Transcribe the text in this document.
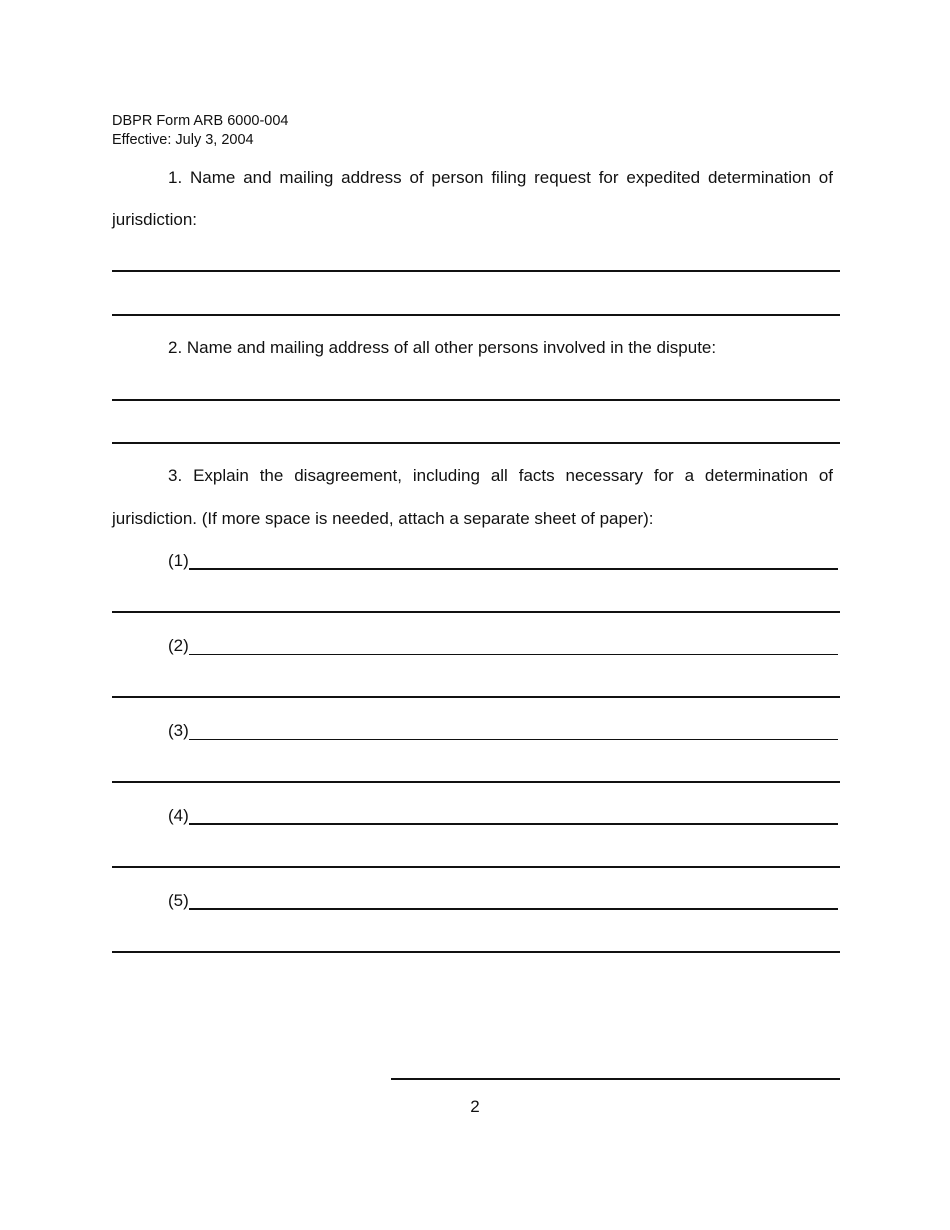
DBPR Form ARB 6000-004
Effective: July 3, 2004
1. Name and mailing address of person filing request for expedited determination of
jurisdiction:
2. Name and mailing address of all other persons involved in the dispute:
3. Explain the disagreement, including all facts necessary for a determination of
jurisdiction. (If more space is needed, attach a separate sheet of paper):
(1)
(2)
(3)
(4)
(5)
2
